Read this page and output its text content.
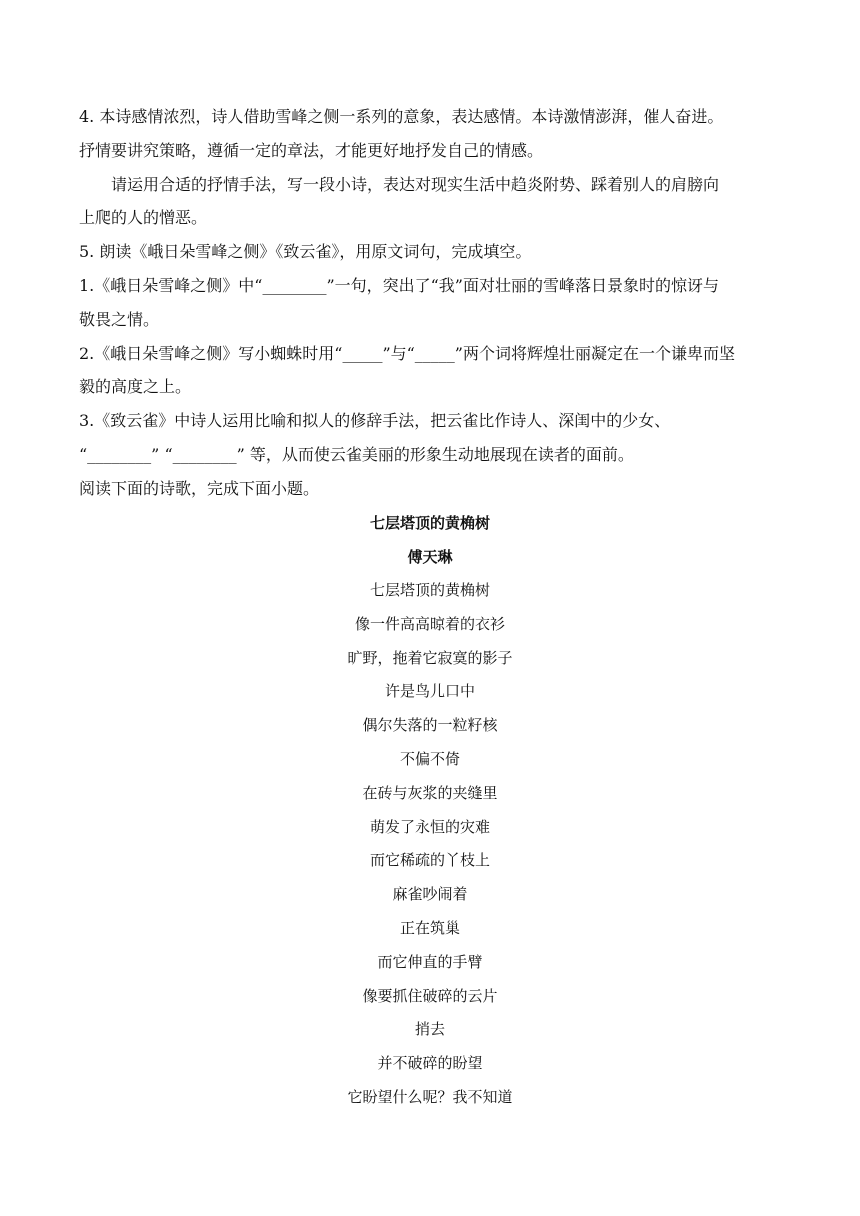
4. 本诗感情浓烈，诗人借助雪峰之侧一系列的意象，表达感情。本诗激情澎湃，催人奋进。

抒情要讲究策略，遵循一定的章法，才能更好地抒发自己的情感。

请运用合适的抒情手法，写一段小诗，表达对现实生活中趋炎附势、踩着别人的肩膀向

上爬的人的憎恶。

5. 朗读《峨日朵雪峰之侧》《致云雀》，用原文词句，完成填空。

1.《峨日朵雪峰之侧》中“________”一句，突出了“我”面对壮丽的雪峰落日景象时的惊讶与

敬畏之情。

2.《峨日朵雪峰之侧》写小蜘蛛时用“_____”与“_____”两个词将辉煌壮丽凝定在一个谦卑而坚

毅的高度之上。

3.《致云雀》中诗人运用比喻和拟人的修辞手法，把云雀比作诗人、深闺中的少女、

“________” “________” 等，从而使云雀美丽的形象生动地展现在读者的面前。

阅读下面的诗歌，完成下面小题。

七层塔顶的黄桷树

傅天琳

七层塔顶的黄桷树

像一件高高晾着的衣衫

旷野，拖着它寂寞的影子

许是鸟儿口中

偶尔失落的一粒籽核

不偏不倚

在砖与灰浆的夹缝里

萌发了永恒的灾难

而它稀疏的丫枝上

麻雀吵闹着

正在筑巢

而它伸直的手臂

像要抓住破碎的云片

捎去

并不破碎的盼望

它盼望什么呢？我不知道
